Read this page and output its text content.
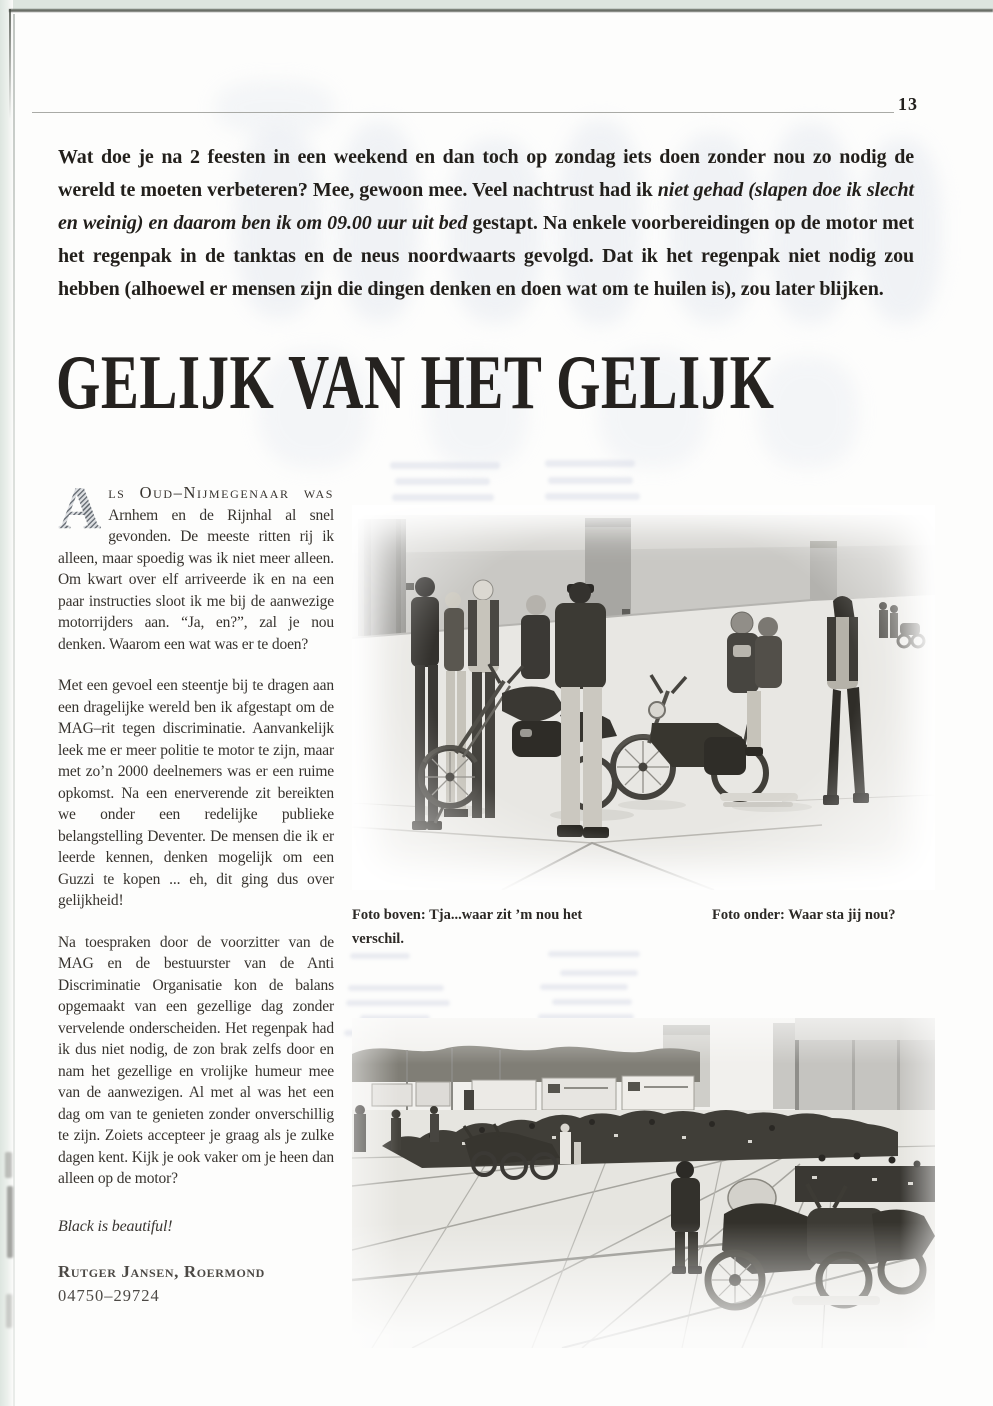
13
Wat doe je na 2 feesten in een weekend en dan toch op zondag iets doen zonder nou zo nodig de wereld te moeten verbeteren? Mee, gewoon mee. Veel nachtrust had ik niet gehad (slapen doe ik slecht en weinig) en daarom ben ik om 09.00 uur uit bed gestapt. Na enkele voorbereidingen op de motor met het regenpak in de tanktas en de neus noordwaarts gevolgd. Dat ik het regenpak niet nodig zou hebben (alhoewel er mensen zijn die dingen denken en doen wat om te huilen is), zou later blijken.
GELIJK VAN HET GELIJK

A ls Oud–Nijmegenaar was Arnhem en de Rijnhal al snel gevonden. De meeste ritten rij ik alleen, maar spoedig was ik niet meer alleen. Om kwart over elf arriveerde ik en na een paar instructies sloot ik me bij de aanwezige motorrijders aan. “Ja, en?”, zal je nou denken. Waarom een wat was er te doen?

Met een gevoel een steentje bij te dragen aan een dragelijke wereld ben ik afgestapt om de MAG–rit tegen discriminatie. Aanvankelijk leek me er meer politie te motor te zijn, maar met zo’n 2000 deelnemers was er een ruime opkomst. Na een enerverende zit bereikten we onder een redelijke publieke belangstelling Deventer. De mensen die ik er leerde kennen, denken mogelijk om een Guzzi te kopen ... eh, dit ging dus over gelijkheid!

Na toespraken door de voorzitter van de MAG en de bestuurster van de Anti Discriminatie Organisatie kon de balans opgemaakt van een gezellige dag zonder vervelende onderscheiden. Het regenpak had ik dus niet nodig, de zon brak zelfs door en nam het gezellige en vrolijke humeur mee van de aanwezigen. Al met al was het een dag om van te genieten zonder onverschillig te zijn. Zoiets accepteer je graag als je zulke dagen kent. Kijk je ook vaker om je heen dan alleen op de motor?

Black is beautiful!

Rutger Jansen, Roermond

04750–29724

Foto boven: Tja...waar zit ’m nou het verschil.
Foto onder: Waar sta jij nou?
